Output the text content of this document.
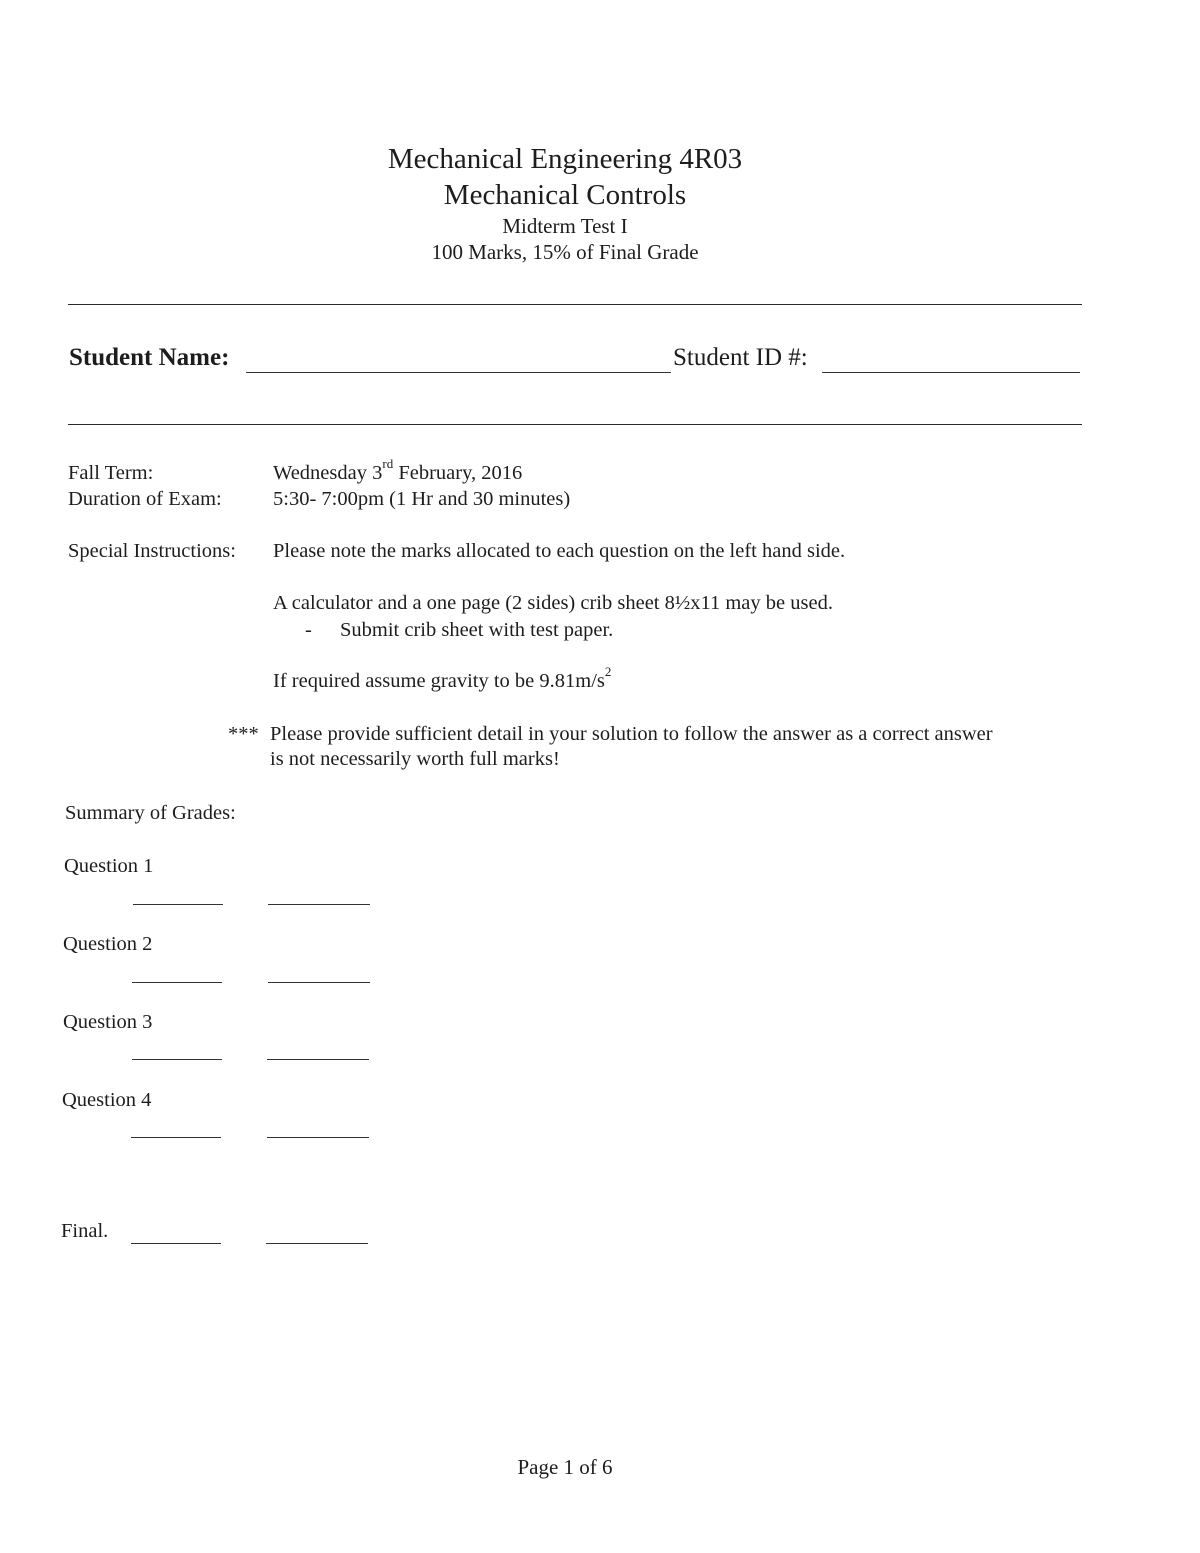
Mechanical Engineering 4R03
Mechanical Controls
Midterm Test I
100 Marks, 15% of Final Grade
Student Name:	Student ID #:
Fall Term:	Wednesday 3rd February, 2016
Duration of Exam:	5:30- 7:00pm (1 Hr and 30 minutes)
Special Instructions: Please note the marks allocated to each question on the left hand side.
A calculator and a one page (2 sides) crib sheet 8½x11 may be used.
- Submit crib sheet with test paper.
If required assume gravity to be $9.81m/s^2$
*** Please provide sufficient detail in your solution to follow the answer as a correct answer
is not necessarily worth full marks!
Summary of Grades:
Question 1
Question 2
Question 3
Question 4
Final.
Page 1 of 6
